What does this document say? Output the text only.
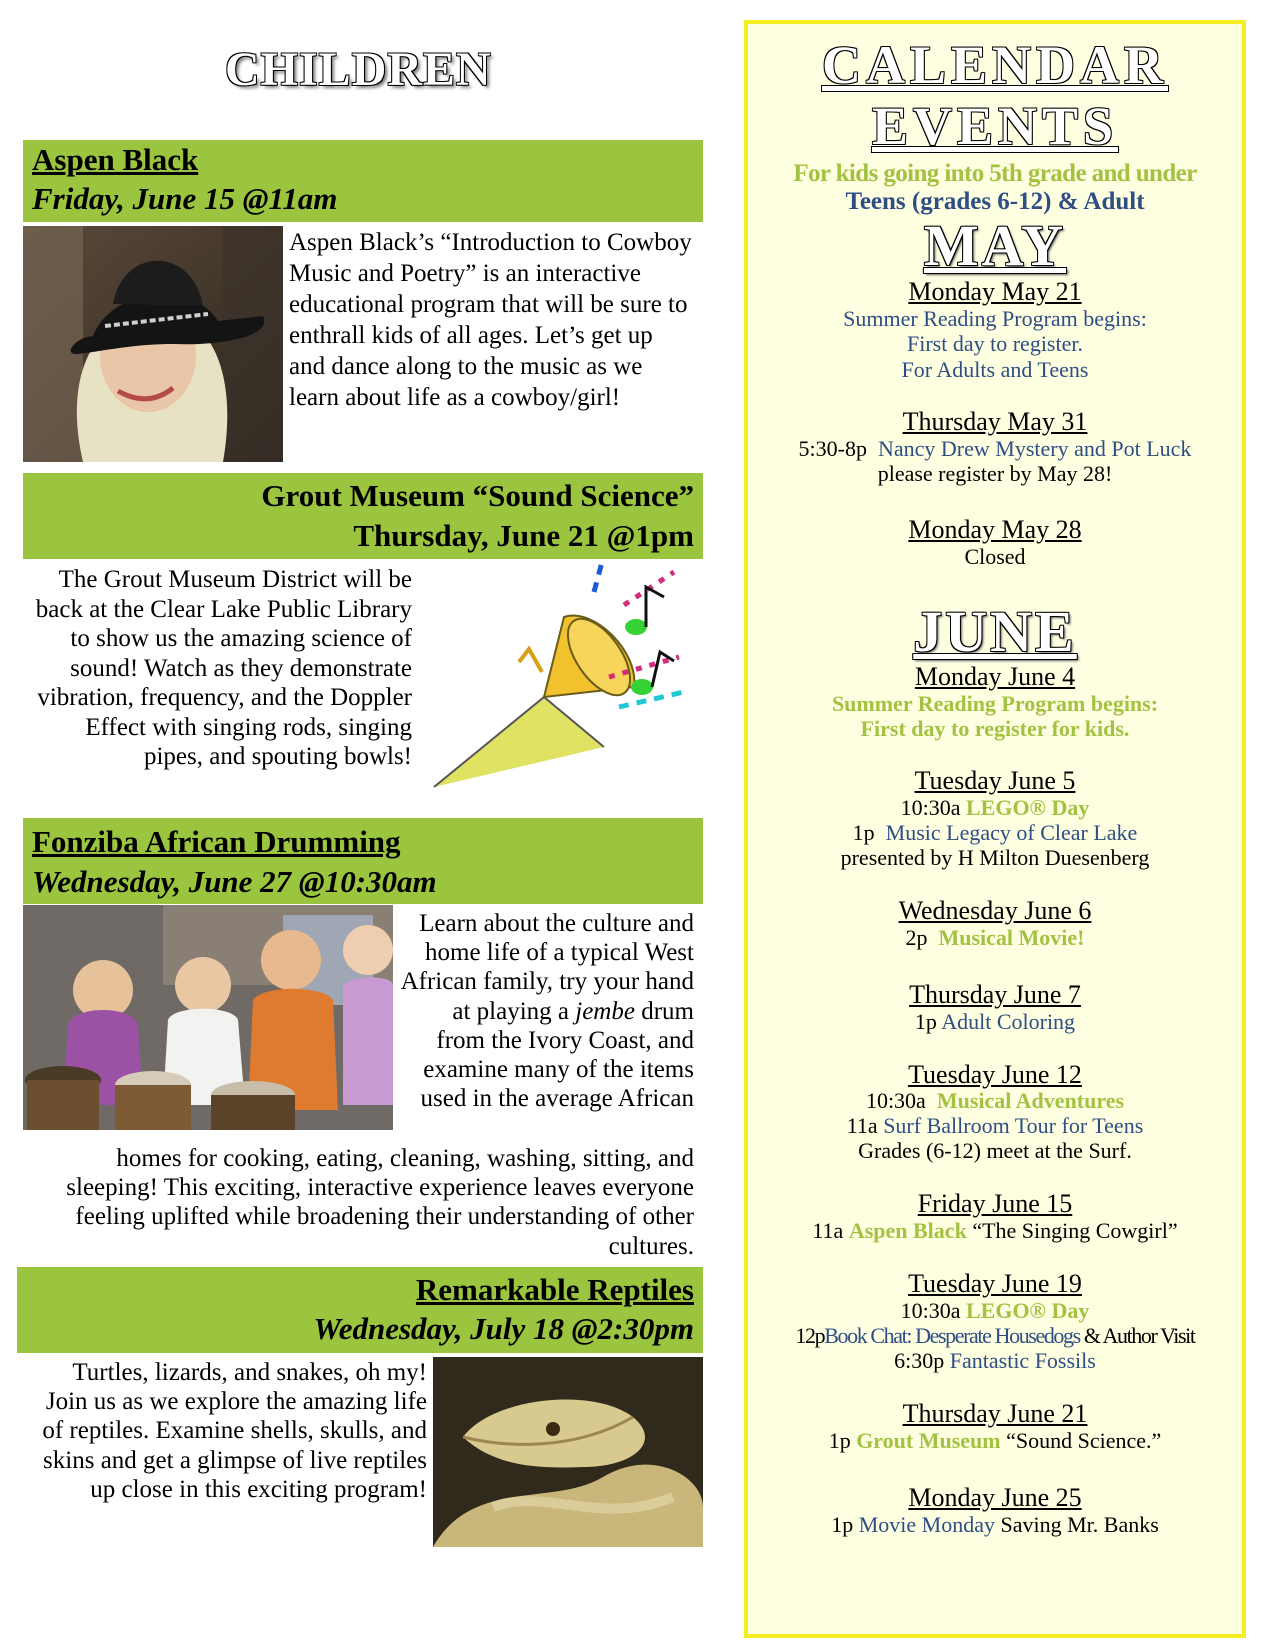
CHILDREN
Aspen Black
Friday, June 15 @11am
Aspen Black’s “Introduction to Cowboy Music and Poetry” is an interactive educational program that will be sure to enthrall kids of all ages. Let’s get up and dance along to the music as we learn about life as a cowboy/girl!
Grout Museum “Sound Science”
Thursday, June 21 @1pm
The Grout Museum District will be back at the Clear Lake Public Library to show us the amazing science of sound! Watch as they demonstrate vibration, frequency, and the Doppler Effect with singing rods, singing pipes, and spouting bowls!
Fonziba African Drumming
Wednesday, June 27 @10:30am
Learn about the culture and home life of a typical West African family, try your hand at playing a jembe drum from the Ivory Coast, and examine many of the items used in the average African
homes for cooking, eating, cleaning, washing, sitting, and sleeping! This exciting, interactive experience leaves everyone feeling uplifted while broadening their understanding of other cultures.
Remarkable Reptiles
Wednesday, July 18 @2:30pm
Turtles, lizards, and snakes, oh my! Join us as we explore the amazing life of reptiles. Examine shells, skulls, and skins and get a glimpse of live reptiles up close in this exciting program!
CALENDAR
EVENTS
For kids going into 5th grade and under
Teens (grades 6-12) & Adult
MAY
Monday May 21
Summer Reading Program begins:
First day to register.
For Adults and Teens
Thursday May 31
5:30-8p Nancy Drew Mystery and Pot Luck
please register by May 28!
Monday May 28
Closed
JUNE
Monday June 4
Summer Reading Program begins:
First day to register for kids.
Tuesday June 5
10:30a LEGO® Day
1p Music Legacy of Clear Lake
presented by H Milton Duesenberg
Wednesday June 6
2p Musical Movie!
Thursday June 7
1p Adult Coloring
Tuesday June 12
10:30a Musical Adventures
11a Surf Ballroom Tour for Teens
Grades (6-12) meet at the Surf.
Friday June 15
11a Aspen Black “The Singing Cowgirl”
Tuesday June 19
10:30a LEGO® Day
12pBook Chat: Desperate Housedogs & Author Visit
6:30p Fantastic Fossils
Thursday June 21
1p Grout Museum “Sound Science.”
Monday June 25
1p Movie Monday Saving Mr. Banks
